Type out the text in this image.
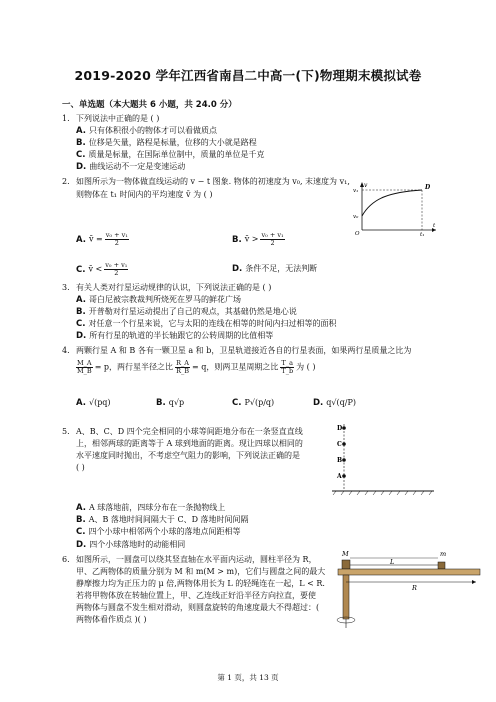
2019-2020 学年江西省南昌二中高一(下)物理期末模拟试卷
一、单选题（本大题共 6 小题，共 24.0 分）
1. 下列说法中正确的是 ( )
A. 只有体积很小的物体才可以看做质点
B. 位移是矢量，路程是标量，位移的大小就是路程
C. 质量是标量，在国际单位制中，质量的单位是千克
D. 曲线运动不一定是变速运动
2. 如图所示为一物体做直线运动的 v − t 图象. 物体的初速度为 v₀, 末速度为 v₁,
则物体在 t₁ 时间内的平均速度 v̄ 为 ( )
v
v₁
v₀
O	t₁
t
D
A. v̄ = $\frac{\text{v₀ + v₁}}{2}$	B. v̄ > $\frac{\text{v₀ + v₁}}{2}$
C. v̄ < $\frac{\text{v₀ + v₁}}{2}$	D. 条件不足，无法判断
3. 有关人类对行星运动规律的认识，下列说法正确的是 ( )
A. 哥白尼被宗教裁判所烧死在罗马的鲜花广场
B. 开普勒对行星运动提出了自己的观点，其基础仍然是地心说
C. 对任意一个行星来说，它与太阳的连线在相等的时间内扫过相等的面积
D. 所有行星的轨道的半长轴跟它的公转周期的比值相等
4. 两颗行星 A 和 B 各有一颗卫星 a 和 b，卫星轨道接近各自的行星表面，如果两行星质量之比为
$\frac{M\_A}{M\_B} = p$，两行星半径之比 $\frac{R\_A}{R\_B} = q$，则两卫星周期之比 $\frac{T\_a}{T\_b}$ 为 ( )
A. √(pq)	B. q√p	C. P√(p/q)	D. q√(q/P)
5. A、B、C、D 四个完全相同的小球等间距地分布在一条竖直直线
上，相邻两球的距离等于 A 球到地面的距离。现让四球以相同的
水平速度同时抛出，不考虑空气阻力的影响，下列说法正确的是
( )
D
C
B
A
A. A 球落地前，四球分布在一条抛物线上
B. A、B 落地时间间隔大于 C、D 落地时间间隔
C. 四个小球中相邻两个小球的落地点间距相等
D. 四个小球落地时的动能相同
6. 如图所示，一圆盘可以绕其竖直轴在水平面内运动，圆柱半径为 R，
甲、乙两物体的质量分别为 M 和 m(M > m)，它们与圆盘之间的最大
静摩擦力均为正压力的 μ 倍,两物体用长为 L 的轻绳连在一起，L < R.
若将甲物体放在转轴位置上，甲、乙连线正好沿半径方向拉直，要使
两物体与圆盘不发生相对滑动，则圆盘旋转的角速度最大不得超过：(
两物体看作质点 )( )
M	m
L
R
第 1 页，共 13 页
